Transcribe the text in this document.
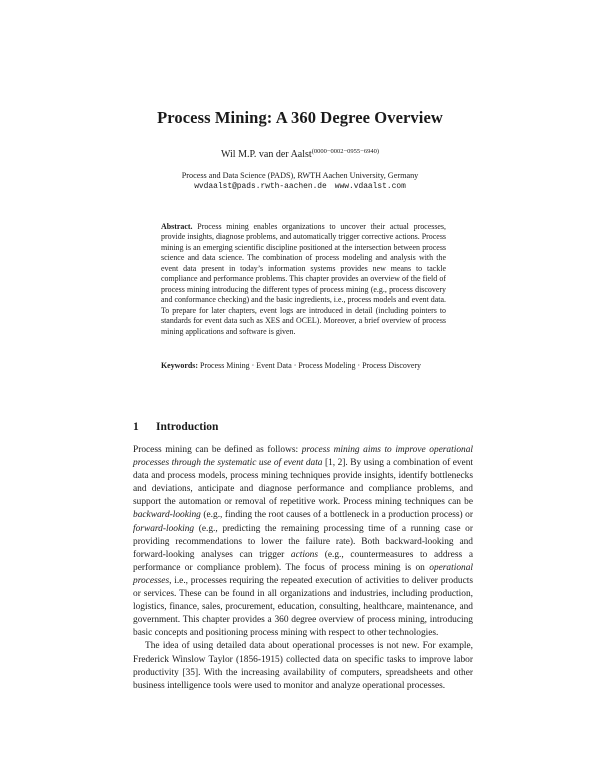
Process Mining: A 360 Degree Overview
Wil M.P. van der Aalst$^{(0000-0002-0955-6940)}$
Process and Data Science (PADS), RWTH Aachen University, Germany
wvdaalst@pads.rwth-aachen.de www.vdaalst.com
Abstract. Process mining enables organizations to uncover their actual processes, provide insights, diagnose problems, and automatically trigger corrective actions. Process mining is an emerging scientific discipline positioned at the intersection between process science and data science. The combination of process modeling and analysis with the event data present in today’s information systems provides new means to tackle compliance and performance problems. This chapter provides an overview of the field of process mining introducing the different types of process mining (e.g., process discovery and conformance checking) and the basic ingredients, i.e., process models and event data. To prepare for later chapters, event logs are introduced in detail (including pointers to standards for event data such as XES and OCEL). Moreover, a brief overview of process mining applications and software is given.
Keywords: Process Mining · Event Data · Process Modeling · Process Discovery
1 Introduction

Process mining can be defined as follows: process mining aims to improve operational processes through the systematic use of event data [1, 2]. By using a combination of event data and process models, process mining techniques provide insights, identify bottlenecks and deviations, anticipate and diagnose performance and compliance problems, and support the automation or removal of repetitive work. Process mining techniques can be backward-looking (e.g., finding the root causes of a bottleneck in a production process) or forward-looking (e.g., predicting the remaining processing time of a running case or providing recommendations to lower the failure rate). Both backward-looking and forward-looking analyses can trigger actions (e.g., countermeasures to address a performance or compliance problem). The focus of process mining is on operational processes, i.e., processes requiring the repeated execution of activities to deliver products or services. These can be found in all organizations and industries, including production, logistics, finance, sales, procurement, education, consulting, healthcare, maintenance, and government. This chapter provides a 360 degree overview of process mining, introducing basic concepts and positioning process mining with respect to other technologies.

The idea of using detailed data about operational processes is not new. For example, Frederick Winslow Taylor (1856-1915) collected data on specific tasks to improve labor productivity [35]. With the increasing availability of computers, spreadsheets and other business intelligence tools were used to monitor and analyze operational processes.
